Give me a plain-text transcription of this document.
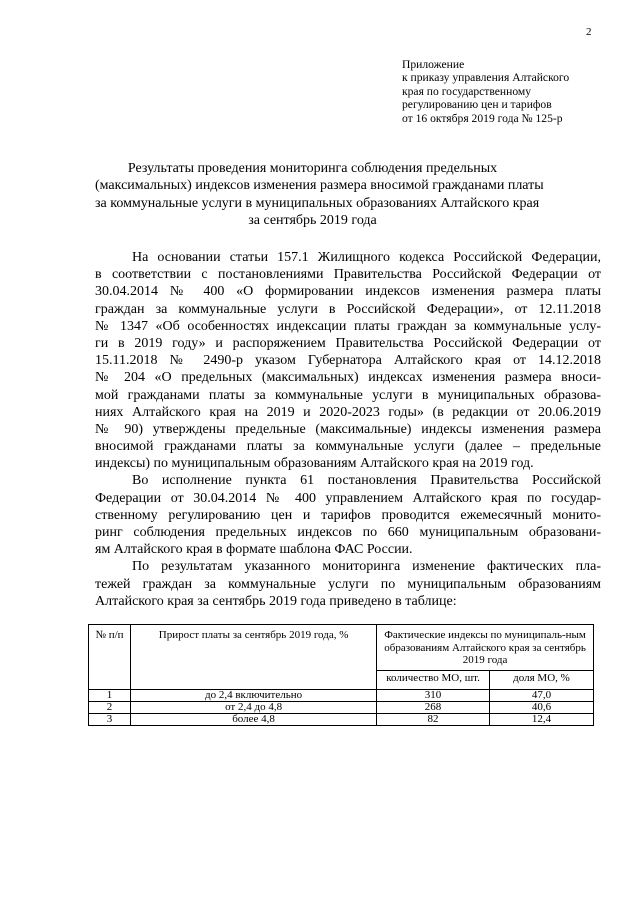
2
Приложение
к приказу управления Алтайского
края по государственному
регулированию цен и тарифов
от 16 октября 2019 года № 125-р
Результаты проведения мониторинга соблюдения предельных
(максимальных) индексов изменения размера вносимой гражданами платы
за коммунальные услуги в муниципальных образованиях Алтайского края
за сентябрь 2019 года
На основании статьи 157.1 Жилищного кодекса Российской Федерации,
в соответствии с постановлениями Правительства Российской Федерации от
30.04.2014 № 400 «О формировании индексов изменения размера платы
граждан за коммунальные услуги в Российской Федерации», от 12.11.2018
№ 1347 «Об особенностях индексации платы граждан за коммунальные услу-
ги в 2019 году» и распоряжением Правительства Российской Федерации от
15.11.2018 № 2490-р указом Губернатора Алтайского края от 14.12.2018
№ 204 «О предельных (максимальных) индексах изменения размера вноси-
мой гражданами платы за коммунальные услуги в муниципальных образова-
ниях Алтайского края на 2019 и 2020-2023 годы» (в редакции от 20.06.2019
№ 90) утверждены предельные (максимальные) индексы изменения размера
вносимой гражданами платы за коммунальные услуги (далее – предельные
индексы) по муниципальным образованиям Алтайского края на 2019 год.
Во исполнение пункта 61 постановления Правительства Российской
Федерации от 30.04.2014 № 400 управлением Алтайского края по государ-
ственному регулированию цен и тарифов проводится ежемесячный монито-
ринг соблюдения предельных индексов по 660 муниципальным образовани-
ям Алтайского края в формате шаблона ФАС России.
По результатам указанного мониторинга изменение фактических пла-
тежей граждан за коммунальные услуги по муниципальным образованиям
Алтайского края за сентябрь 2019 года приведено в таблице:
№ п/п	Прирост платы за сентябрь 2019 года, %	Фактические индексы по муниципаль-ным образованиям Алтайского края за сентябрь 2019 года	
		количество МО, шт.	доля МО, %
1	до 2,4 включительно	310	47,0
2	от 2,4 до 4,8	268	40,6
3	более 4,8	82	12,4
